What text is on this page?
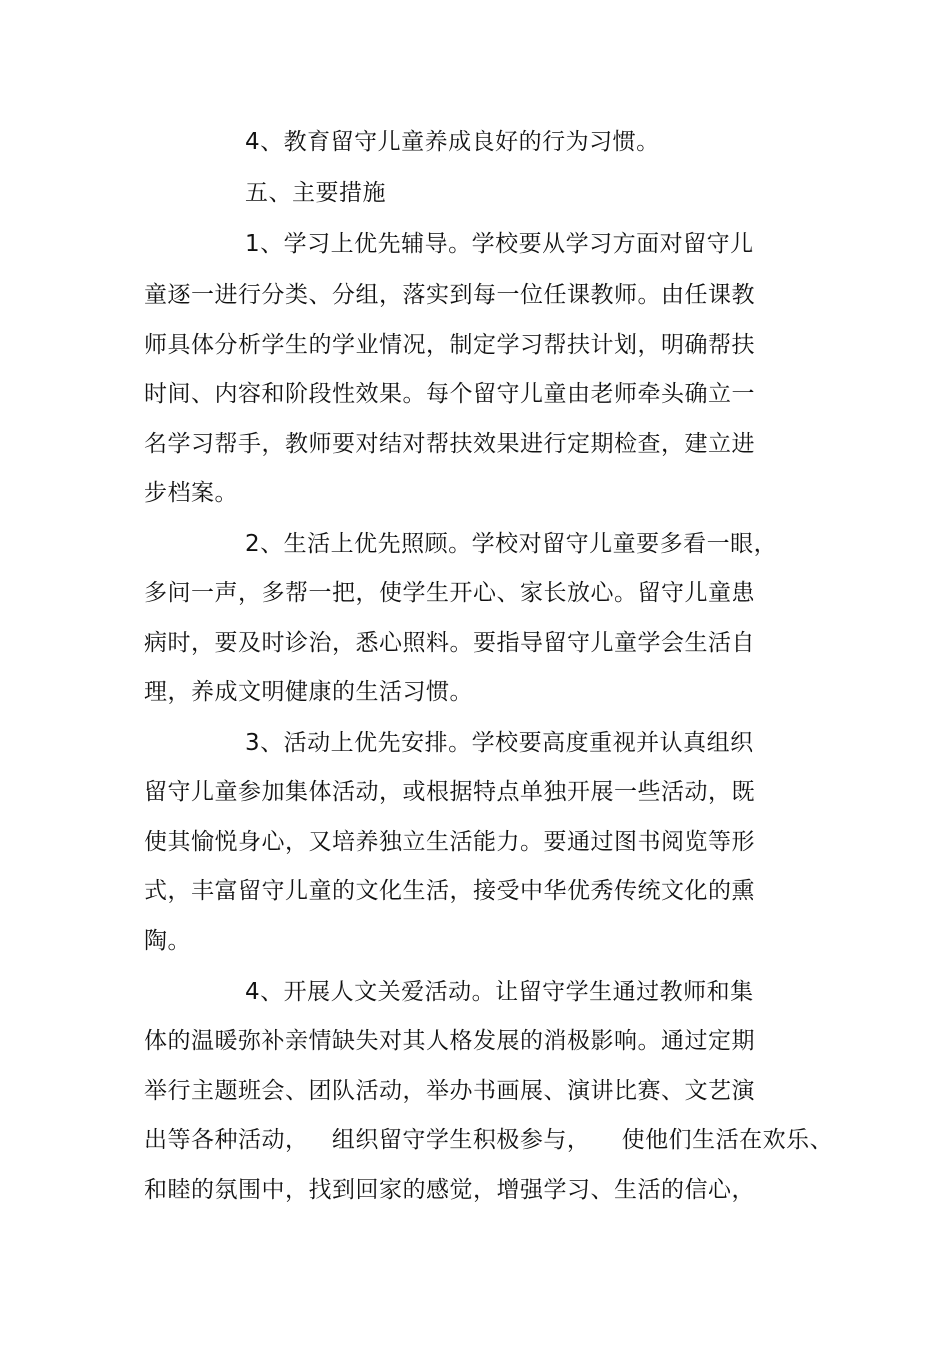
4、教育留守儿童养成良好的行为习惯。
五、主要措施
1、学习上优先辅导。学校要从学习方面对留守儿
童逐一进行分类、分组，落实到每一位任课教师。由任课教
师具体分析学生的学业情况，制定学习帮扶计划，明确帮扶
时间、内容和阶段性效果。每个留守儿童由老师牵头确立一
名学习帮手，教师要对结对帮扶效果进行定期检查，建立进
步档案。
2、生活上优先照顾。学校对留守儿童要多看一眼，
多问一声，多帮一把，使学生开心、家长放心。留守儿童患
病时，要及时诊治，悉心照料。要指导留守儿童学会生活自
理，养成文明健康的生活习惯。
3、活动上优先安排。学校要高度重视并认真组织
留守儿童参加集体活动，或根据特点单独开展一些活动，既
使其愉悦身心，又培养独立生活能力。要通过图书阅览等形
式，丰富留守儿童的文化生活，接受中华优秀传统文化的熏
陶。
4、开展人文关爱活动。让留守学生通过教师和集
体的温暖弥补亲情缺失对其人格发展的消极影响。通过定期
举行主题班会、团队活动，举办书画展、演讲比赛、文艺演
出等各种活动，   组织留守学生积极参与，    使他们生活在欢乐、
和睦的氛围中，找到回家的感觉，增强学习、生活的信心，
